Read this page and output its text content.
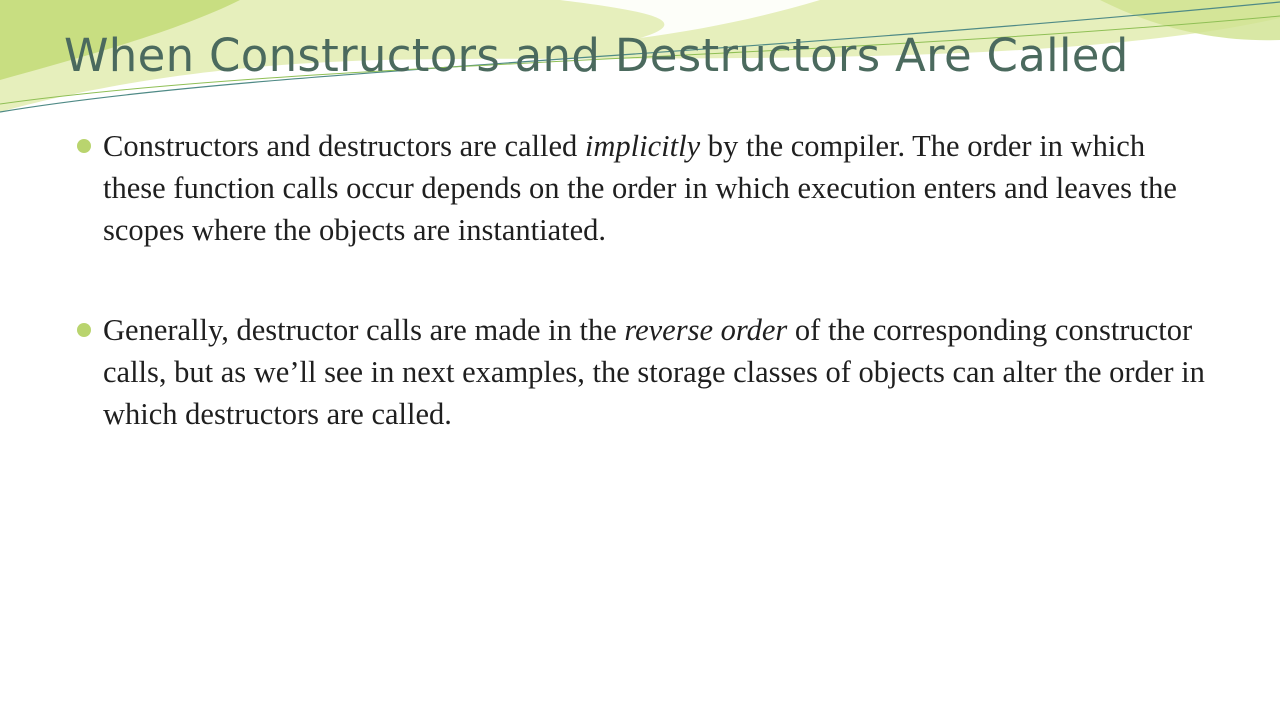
When Constructors and Destructors Are Called
Constructors and destructors are called implicitly by the compiler. The order in which these function calls occur depends on the order in which execution enters and leaves the scopes where the objects are instantiated.
Generally, destructor calls are made in the reverse order of the corresponding constructor calls, but as we’ll see in next examples, the storage classes of objects can alter the order in which destructors are called.
